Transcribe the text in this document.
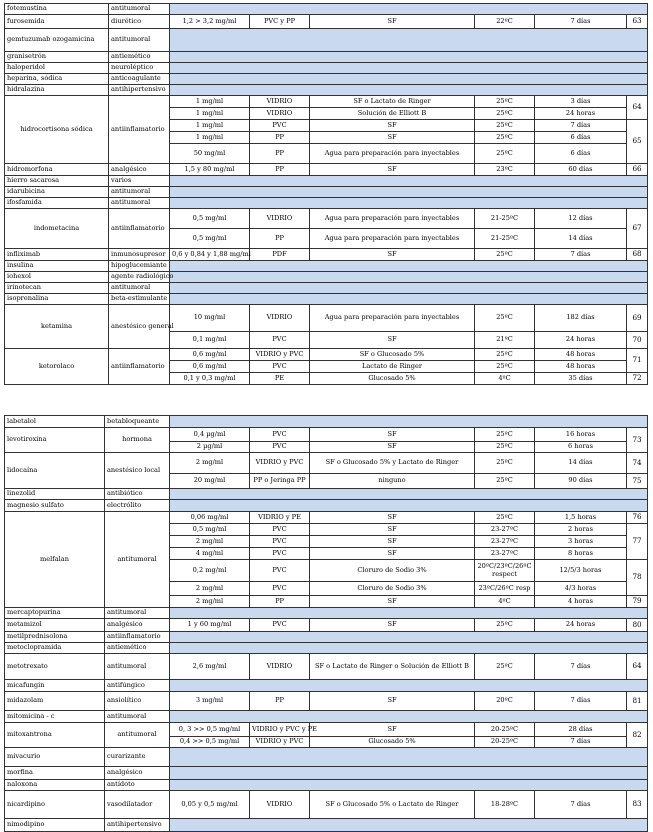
fotemustina	antitumoral						
furosemida	diurético	1,2 > 3,2 mg/ml	PVC y PP	SF	22ºC	7 días	63
gemtuzumab ozogamicina	antitumoral						
granisetrón	antiemético						
haloperidol	neuroléptico						
heparina, sódica	anticoagulante						
hidralazina	antihipertensivo						
hidrocortisona sódica	antiinflamatorio	1 mg/ml	VIDRIO	SF o Lactato de Ringer	25ºC	3 días	64
		1 mg/ml	VIDRIO	Solución de Elliott B	25ºC	24 horas	
		1 mg/ml	PVC	SF	25ºC	7 días	65
		1 mg/ml	PP	SF	25ºC	6 días	
		50 mg/ml	PP	Agua para preparación para inyectables	25ºC	6 días	
hidromorfona	analgésico	1,5 y 80 mg/ml	PP	SF	23ºC	60 días	66
hierro sacarosa	varios						
idarubicina	antitumoral						
ifosfamida	antitumoral						
indometacina	antiinflamatorio	0,5 mg/ml	VIDRIO	Agua para preparación para inyectables	21-25ºC	12 días	67
		0,5 mg/ml	PP	Agua para preparación para inyectables	21-25ºC	14 días	
infliximab	inmunosupresor	0,6 y 0,84 y 1,88 mg/ml	PDF	SF	25ºC	7 días	68
insulina	hipoglucemiante						
iohexol	agente radiológico						
irinotecan	antitumoral						
isoprenalina	beta-estimulante						
ketamina	anestésico general	10 mg/ml	VIDRIO	Agua para preparación para inyectables	25ºC	182 días	69
		0,1 mg/ml	PVC	SF	21ºC	24 horas	70
ketorolaco	antiinflamatorio	0,6 mg/ml	VIDRIO y PVC	SF o Glucosado 5%	25ºC	48 horas	71
		0,6 mg/ml	PVC	Lactato de Ringer	25ºC	48 horas	
		0,1 y 0,3 mg/ml	PE	Glucosado 5%	4ºC	35 días	72
labetalol	betabloqueante						
levotiroxina	hormona	0,4 µg/ml	PVC	SF	25ºC	16 horas	73
		2 µg/ml	PVC	SF	25ºC	6 horas	
lidocaína	anestésico local	2 mg/ml	VIDRIO y PVC	SF o Glucosado 5% y Lactato de Ringer	25ºC	14 días	74
		20 mg/ml	PP o Jeringa PP	ninguno	25ºC	90 días	75
linezolid	antibiótico						
magnesio sulfato	electrólito						
melfalan	antitumoral	0,06 mg/ml	VIDRIO y PE	SF	25ºC	1,5 horas	76
		0,5 mg/ml	PVC	SF	23-27ºC	2 horas	77
		2 mg/ml	PVC	SF	23-27ºC	3 horas	
		4 mg/ml	PVC	SF	23-27ºC	8 horas	
		0,2 mg/ml	PVC	Cloruro de Sodio 3%	20ºC/23ºC/26ºC respect	12/5/3 horas	78
		2 mg/ml	PVC	Cloruro de Sodio 3%	23ºC/26ºC resp	4/3 horas	
		2 mg/ml	PP	SF	4ºC	4 horas	79
mercaptopurina	antitumoral						
metamizol	analgésico	1 y 60 mg/ml	PVC	SF	25ºC	24 horas	80
metilprednisolona	antiinflamatorio						
metoclopramida	antiemético						
metotrexato	antitumoral	2,6 mg/ml	VIDRIO	SF o Lactato de Ringer o Solución de Elliott B	25ºC	7 días	64
micafungin	antifúngico						
midazolam	ansiolítico	3 mg/ml	PP	SF	20ºC	7 días	81
mitomicina - c	antitumoral						
mitoxantrona	antitumoral	0, 3 >> 0,5 mg/ml	VIDRIO y PVC y PE	SF	20-25ºC	28 días	82
		0,4 >> 0,5 mg/ml	VIDRIO y PVC	Glucosado 5%	20-25ºC	7 días	
mivacurio	curarizante						
morfina	analgésico						
naloxona	antídoto						
nicardipino	vasodilatador	0,05 y 0,5 mg/ml	VIDRIO	SF o Glucosado 5% o Lactato de Ringer	18-28ºC	7 días	83
nimodipino	antihipertensivo						
